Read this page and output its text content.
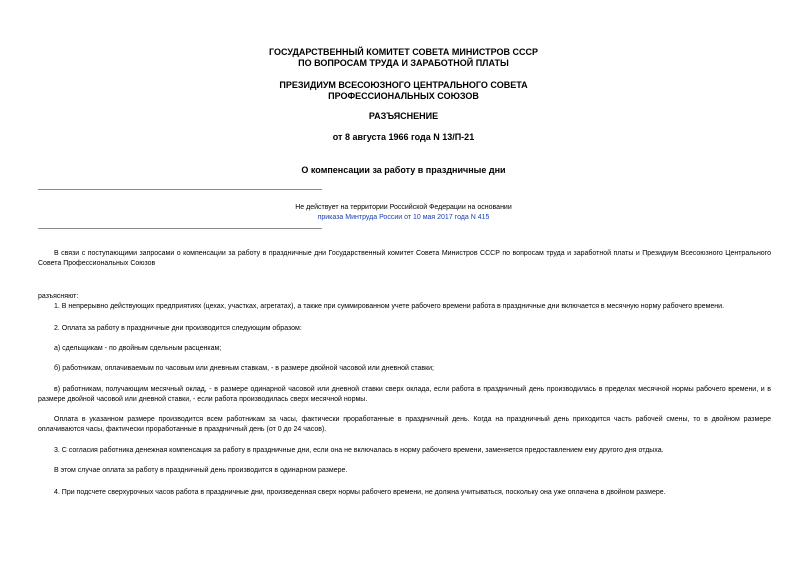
ГОСУДАРСТВЕННЫЙ КОМИТЕТ СОВЕТА МИНИСТРОВ СССР
ПО ВОПРОСАМ ТРУДА И ЗАРАБОТНОЙ ПЛАТЫ
ПРЕЗИДИУМ ВСЕСОЮЗНОГО ЦЕНТРАЛЬНОГО СОВЕТА
ПРОФЕССИОНАЛЬНЫХ СОЮЗОВ
РАЗЪЯСНЕНИЕ
от 8 августа 1966 года N 13/П-21
О компенсации за работу в праздничные дни
Не действует на территории Российской Федерации на основании
приказа Минтруда России от 10 мая 2017 года N 415
В связи с поступающими запросами о компенсации за работу в праздничные дни Государственный комитет Совета Министров СССР по вопросам труда и заработной платы и Президиум Всесоюзного Центрального Совета Профессиональных Союзов
разъясняют:
1. В непрерывно действующих предприятиях (цехах, участках, агрегатах), а также при суммированном учете рабочего времени работа в праздничные дни включается в месячную норму рабочего времени.
2. Оплата за работу в праздничные дни производится следующим образом:
а) сдельщикам - по двойным сдельным расценкам;
б) работникам, оплачиваемым по часовым или дневным ставкам, - в размере двойной часовой или дневной ставки;
в) работникам, получающим месячный оклад, - в размере одинарной часовой или дневной ставки сверх оклада, если работа в праздничный день производилась в пределах месячной нормы рабочего времени, и в размере двойной часовой или дневной ставки, - если работа производилась сверх месячной нормы.
Оплата в указанном размере производится всем работникам за часы, фактически проработанные в праздничный день. Когда на праздничный день приходится часть рабочей смены, то в двойном размере оплачиваются часы, фактически проработанные в праздничный день (от 0 до 24 часов).
3. С согласия работника денежная компенсация за работу в праздничные дни, если она не включалась в норму рабочего времени, заменяется предоставлением ему другого дня отдыха.
В этом случае оплата за работу в праздничный день производится в одинарном размере.
4. При подсчете сверхурочных часов работа в праздничные дни, произведенная сверх нормы рабочего времени, не должна учитываться, поскольку она уже оплачена в двойном размере.
